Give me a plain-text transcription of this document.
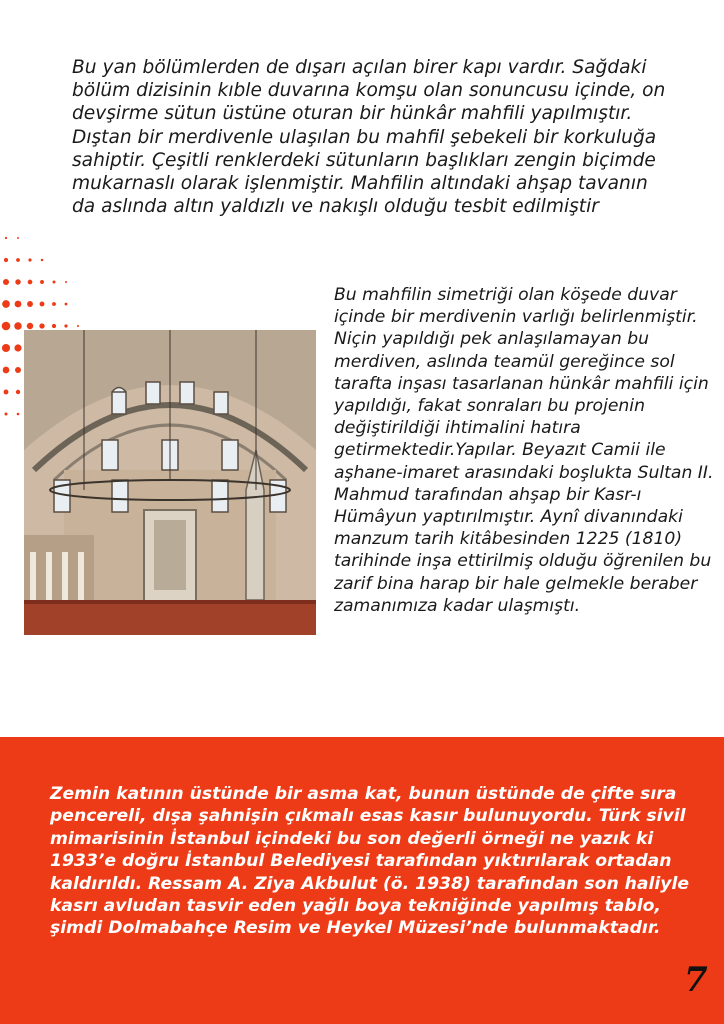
Bu yan bölümlerden de dışarı açılan birer kapı vardır. Sağdaki bölüm dizisinin kıble duvarına komşu olan sonuncusu içinde, on devşirme sütun üstüne oturan bir hünkâr mahfili yapılmıştır. Dıştan bir merdivenle ulaşılan bu mahfil şebekeli bir korkuluğa sahiptir. Çeşitli renklerdeki sütunların başlıkları zengin biçimde mukarnaslı olarak işlenmiştir. Mahfilin altındaki ahşap tavanın da aslında altın yaldızlı ve nakışlı olduğu tesbit edilmiştir

Bu mahfilin simetriği olan köşede duvar içinde bir merdivenin varlığı belirlenmiştir. Niçin yapıldığı pek anlaşılamayan bu merdiven, aslında teamül gereğince sol tarafta inşası tasarlanan hünkâr mahfili için yapıldığı, fakat sonraları bu projenin değiştirildiği ihtimalini hatıra getirmektedir.Yapılar. Beyazıt Camii ile aşhane-imaret arasındaki boşlukta Sultan II. Mahmud tarafından ahşap bir Kasr-ı Hümâyun yaptırılmıştır. Aynî divanındaki manzum tarih kitâbesinden 1225 (1810) tarihinde inşa ettirilmiş olduğu öğrenilen bu zarif bina harap bir hale gelmekle beraber zamanımıza kadar ulaşmıştı.

Zemin katının üstünde bir asma kat, bunun üstünde de çifte sıra pencereli, dışa şahnişin çıkmalı esas kasır bulunuyordu. Türk sivil mimarisinin İstanbul içindeki bu son değerli örneği ne yazık ki 1933’e doğru İstanbul Belediyesi tarafından yıktırılarak ortadan kaldırıldı. Ressam A. Ziya Akbulut (ö. 1938) tarafından son haliyle kasrı avludan tasvir eden yağlı boya tekniğinde yapılmış tablo, şimdi Dolmabahçe Resim ve Heykel Müzesi’nde bulunmaktadır.

7
